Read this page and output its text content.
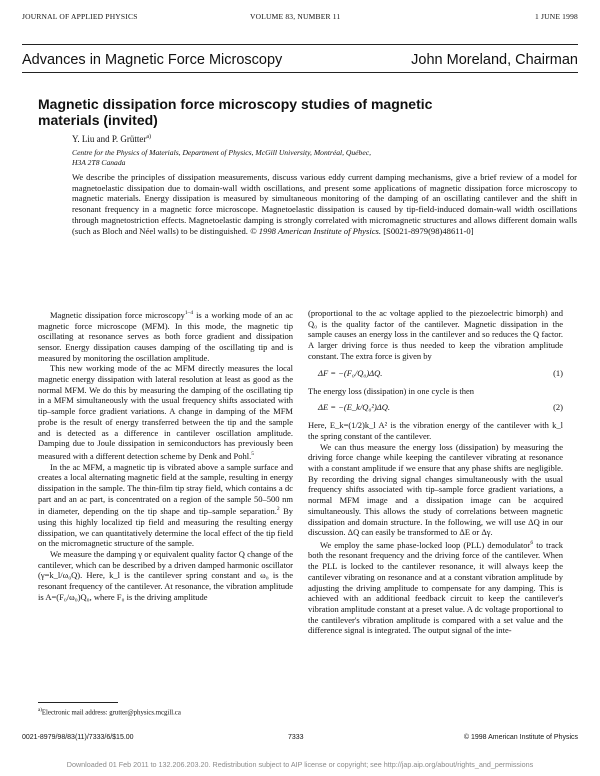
JOURNAL OF APPLIED PHYSICS	VOLUME 83, NUMBER 11	1 JUNE 1998
Advances in Magnetic Force Microscopy	John Moreland, Chairman
Magnetic dissipation force microscopy studies of magnetic
materials (invited)
Y. Liu and P. Grütter$^{a)}$
Centre for the Physics of Materials, Department of Physics, McGill University, Montréal, Québec,
H3A 2T8 Canada
We describe the principles of dissipation measurements, discuss various eddy current damping mechanisms, give a brief review of a model for magnetoelastic dissipation due to domain-wall width oscillations, and present some applications of magnetic dissipation force microscopy to magnetic materials. Energy dissipation is measured by simultaneous monitoring of the damping of an oscillating cantilever and the shift in resonant frequency in a magnetic force microscope. Magnetoelastic dissipation is caused by tip-field-induced domain-wall width oscillations through magnetostriction effects. Magnetoelastic damping is strongly correlated with micromagnetic structures and allows different domain walls (such as Bloch and Néel walls) to be distinguished. © 1998 American Institute of Physics. [S0021-8979(98)48611-0]

Magnetic dissipation force microscopy$^{1-4}$ is a working mode of an ac magnetic force microscope (MFM). In this mode, the magnetic tip oscillating at resonance serves as both force gradient and dissipation sensor. Energy dissipation causes damping of the oscillating tip and is measured by monitoring the oscillation amplitude.

This new working mode of the ac MFM directly measures the local magnetic energy dissipation with lateral resolution at least as good as the normal MFM. We do this by measuring the damping of the oscillating tip in a MFM simultaneously with the usual frequency shifts associated with tip–sample force gradient variations. A change in damping of the MFM probe is the result of energy transferred between the tip and the sample and is detected as a difference in cantilever oscillation amplitude. Damping due to Joule dissipation in semiconductors has previously been measured with a different detection scheme by Denk and Pohl.$^5$

In the ac MFM, a magnetic tip is vibrated above a sample surface and creates a local alternating magnetic field at the sample, resulting in energy dissipation in the sample. The thin-film tip stray field, which contains a dc part and an ac part, is concentrated on a region of the sample 50–500 nm in diameter, depending on the tip shape and tip–sample separation.$^2$ By using this highly localized tip field and measuring the resulting energy dissipation, we can quantitatively determine the local effect of the tip field on the micromagnetic structure of the sample.

We measure the damping γ or equivalent quality factor Q change of the cantilever, which can be described by a driven damped harmonic oscillator (γ=k_l/ω₀Q). Here, k_l is the cantilever spring constant and ω₀ is the resonant frequency of the cantilever. At resonance, the vibration amplitude is A=(F₀/ω₀)Q₀, where F₀ is the driving amplitude

$^{a)}$Electronic mail address: grutter@physics.mcgill.ca

(proportional to the ac voltage applied to the piezoelectric bimorph) and Q₀ is the quality factor of the cantilever. Magnetic dissipation in the sample causes an energy loss in the cantilever and so reduces the Q factor. A larger driving force is thus needed to keep the vibration amplitude constant. The extra force is given by

ΔF = −(F₀/Q₀)ΔQ.	(1)

The energy loss (dissipation) in one cycle is then

ΔE = −(E_k/Q₀²)ΔQ.	(2)

Here, E_k=(1/2)k_l A² is the vibration energy of the cantilever with k_l the spring constant of the cantilever.

We can thus measure the energy loss (dissipation) by measuring the driving force change while keeping the cantilever vibrating at resonance with a constant amplitude if we ensure that any phase shifts are negligible. By recording the driving signal changes simultaneously with the usual frequency shifts associated with tip–sample force gradient variations, a normal MFM image and a dissipation image can be acquired simultaneously. This allows the study of correlations between magnetic dissipation and domain structure. In the following, we will use ΔQ in our discussion. ΔQ can easily be transformed to ΔE or Δγ.

We employ the same phase-locked loop (PLL) demodulator$^6$ to track both the resonant frequency and the driving force of the cantilever. When the PLL is locked to the cantilever resonance, it will always keep the cantilever vibrating on resonance and at a constant vibration amplitude by adjusting the driving amplitude to compensate for any damping. This is achieved with an additional feedback circuit to keep the cantilever's vibration amplitude constant at a preset value. A dc voltage proportional to the cantilever's vibration amplitude is compared with a set value and the difference signal is integrated. The output signal of the inte-

0021-8979/98/83(11)/7333/6/$15.00	7333	© 1998 American Institute of Physics
Downloaded 01 Feb 2011 to 132.206.203.20. Redistribution subject to AIP license or copyright; see http://jap.aip.org/about/rights_and_permissions
